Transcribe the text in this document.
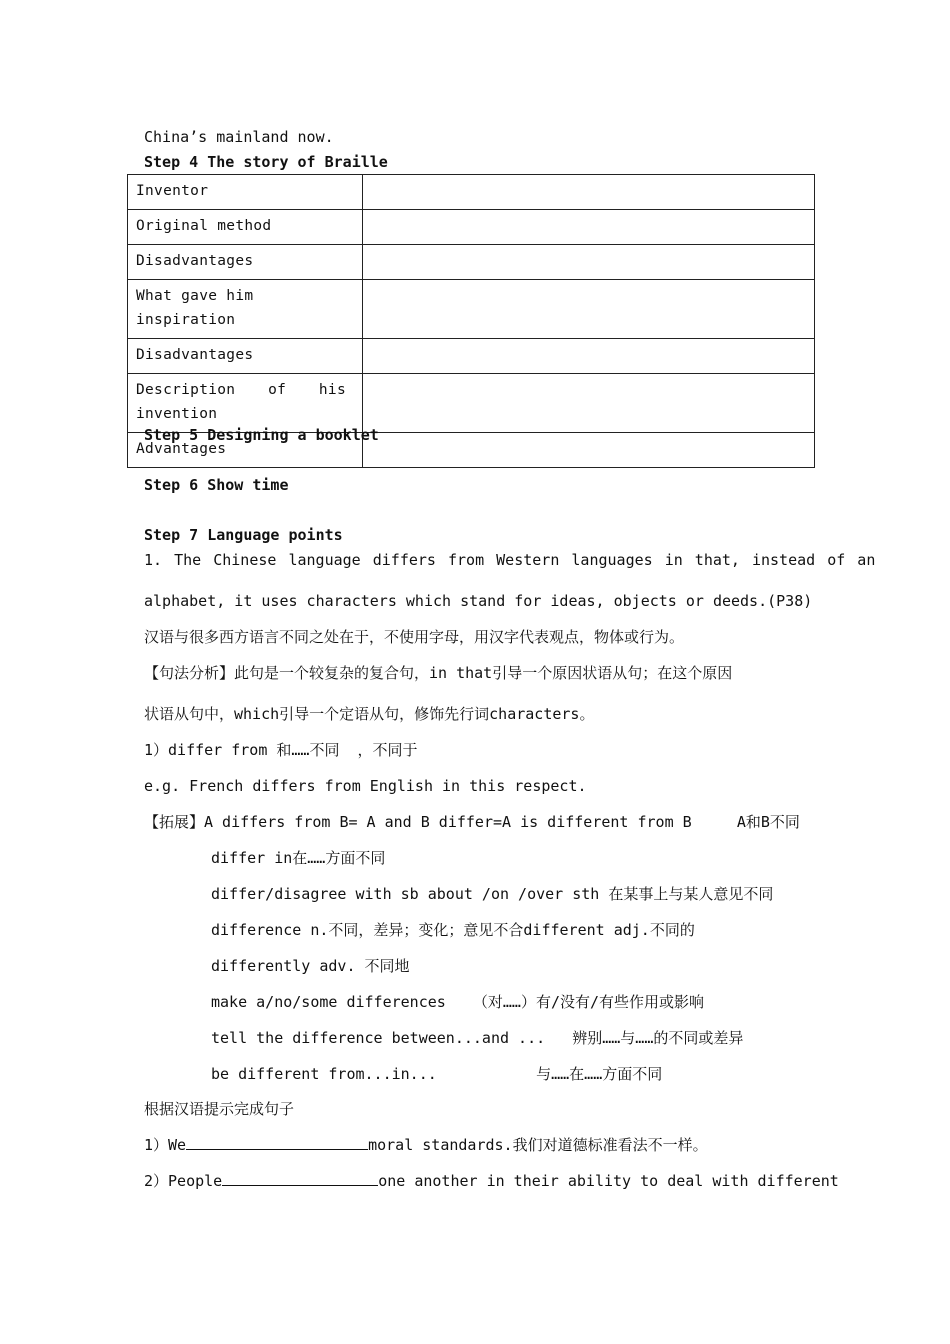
China’s mainland now.
Step 4 The story of Braille
Inventor	
Original method	
Disadvantages	
What gave him inspiration	
Disadvantages	

Description of his
invention	

Advantages	
Step 5 Designing a booklet
Step 6 Show time
Step 7 Language points
1. The Chinese language differs from Western languages in that, instead of an
alphabet, it uses characters which stand for ideas, objects or deeds.(P38)
汉语与很多西方语言不同之处在于，不使用字母，用汉字代表观点，物体或行为。
【句法分析】此句是一个较复杂的复合句，in that引导一个原因状语从句；在这个原因
状语从句中，which引导一个定语从句，修饰先行词characters。
1）differ from 和……不同  ，不同于
e.g. French differs from English in this respect.
【拓展】A differs from B= A and B differ=A is different from B     A和B不同
differ in在……方面不同
differ/disagree with sb about /on /over sth 在某事上与某人意见不同
difference n.不同，差异；变化；意见不合different adj.不同的
differently adv. 不同地
make a/no/some differences   （对……）有/没有/有些作用或影响
tell the difference between...and ...   辨别……与……的不同或差异
be different from...in...           与……在……方面不同
根据汉语提示完成句子
1）We	moral standards.我们对道德标准看法不一样。
2）People	one another in their ability to deal with different
